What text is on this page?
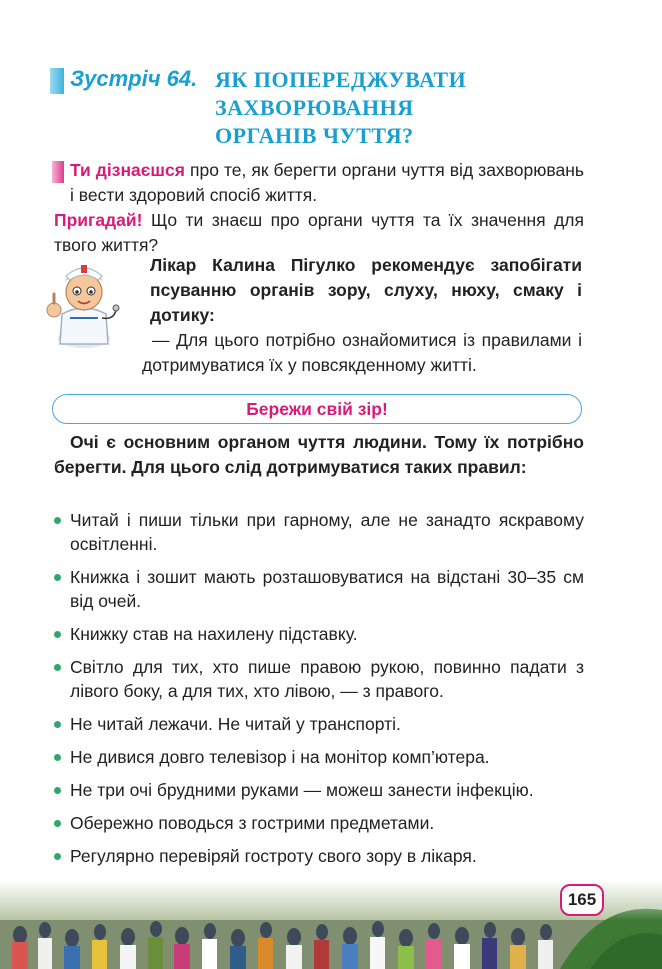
Зустріч 64. ЯК ПОПЕРЕДЖУВАТИ
ЗАХВОРЮВАННЯ
ОРГАНІВ ЧУТТЯ?
Ти дізнаєшся про те, як берегти органи чуття від захворювань і вести здоровий спосіб життя.
Пригадай! Що ти знаєш про органи чуття та їх значення для твого життя?
Лікар Калина Пігулко рекомендує запобігати псуванню органів зору, слуху, нюху, смаку і дотику:
— Для цього потрібно ознайомитися із правилами і дотримуватися їх у повсякденному житті.
Бережи свій зір!
Очі є основним органом чуття людини. Тому їх потрібно берегти. Для цього слід дотримуватися таких правил:
Читай і пиши тільки при гарному, але не занадто яскравому освітленні.
Книжка і зошит мають розташовуватися на відстані 30–35 см від очей.
Книжку став на нахилену підставку.
Світло для тих, хто пише правою рукою, повинно падати з лівого боку, а для тих, хто лівою, — з правого.
Не читай лежачи. Не читай у транспорті.
Не дивися довго телевізор і на монітор комп’ютера.
Не три очі брудними руками — можеш занести інфекцію.
Обережно поводься з гострими предметами.
Регулярно перевіряй гостроту свого зору в лікаря.
165
